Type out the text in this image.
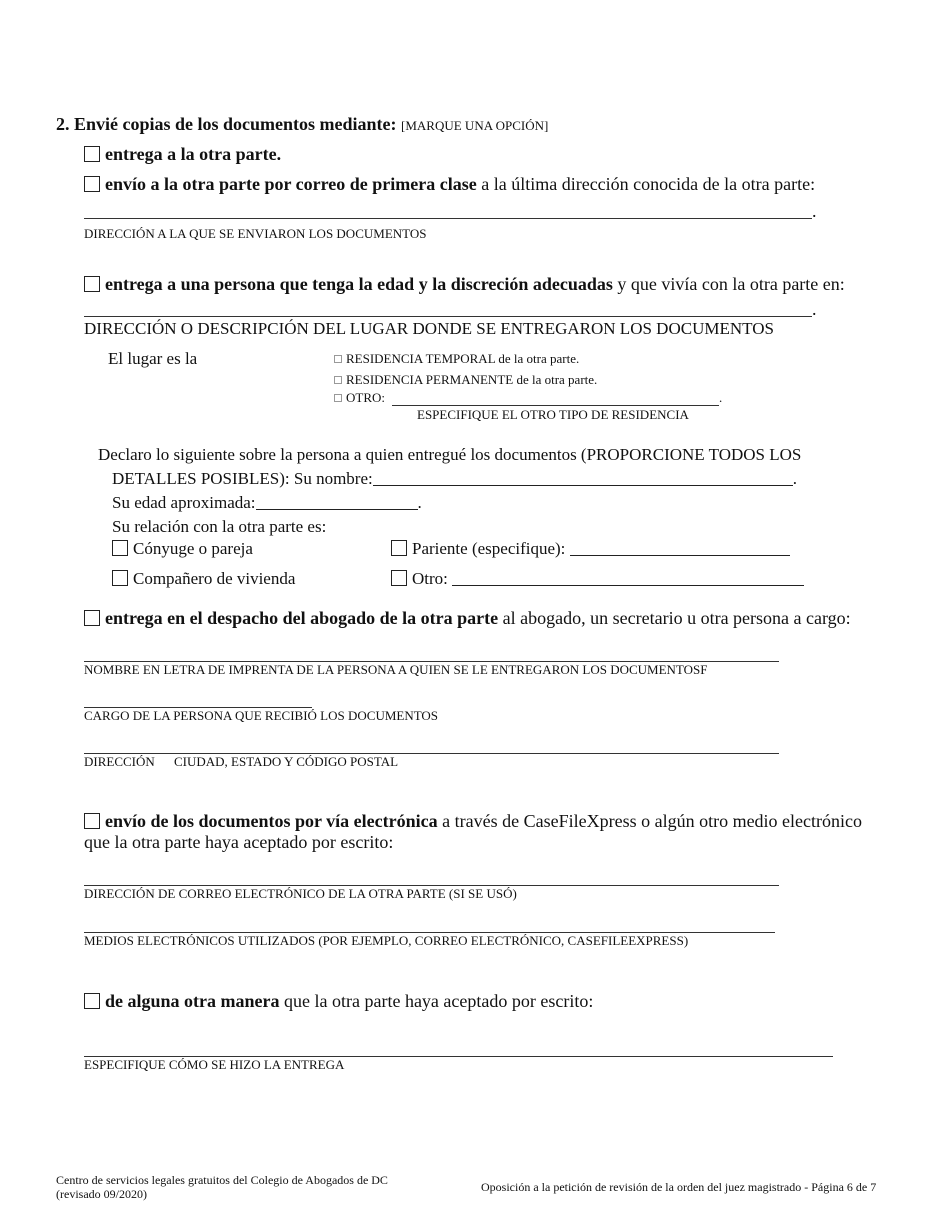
2. Envié copias de los documentos mediante: [MARQUE UNA OPCIÓN]
entrega a la otra parte.
envío a la otra parte por correo de primera clase a la última dirección conocida de la otra parte:
.
DIRECCIÓN A LA QUE SE ENVIARON LOS DOCUMENTOS
entrega a una persona que tenga la edad y la discreción adecuadas y que vivía con la otra parte en:
.
DIRECCIÓN O DESCRIPCIÓN DEL LUGAR DONDE SE ENTREGARON LOS DOCUMENTOS
El lugar es la	RESIDENCIA TEMPORAL de la otra parte.
RESIDENCIA PERMANENTE de la otra parte.
OTRO:	.
ESPECIFIQUE EL OTRO TIPO DE RESIDENCIA
Declaro lo siguiente sobre la persona a quien entregué los documentos (PROPORCIONE TODOS LOS
DETALLES POSIBLES): Su nombre:	.
Su edad aproximada:	.
Su relación con la otra parte es:
Cónyuge o pareja	Pariente (especifique):
Compañero de vivienda	Otro:
entrega en el despacho del abogado de la otra parte al abogado, un secretario u otra persona a cargo:
NOMBRE EN LETRA DE IMPRENTA DE LA PERSONA A QUIEN SE LE ENTREGARON LOS DOCUMENTOSF
CARGO DE LA PERSONA QUE RECIBIÓ LOS DOCUMENTOS
DIRECCIÓN CIUDAD, ESTADO Y CÓDIGO POSTAL
envío de los documentos por vía electrónica a través de CaseFileXpress o algún otro medio electrónico
que la otra parte haya aceptado por escrito:
DIRECCIÓN DE CORREO ELECTRÓNICO DE LA OTRA PARTE (SI SE USÓ)
MEDIOS ELECTRÓNICOS UTILIZADOS (POR EJEMPLO, CORREO ELECTRÓNICO, CASEFILEEXPRESS)
de alguna otra manera que la otra parte haya aceptado por escrito:
ESPECIFIQUE CÓMO SE HIZO LA ENTREGA
Centro de servicios legales gratuitos del Colegio de Abogados de DC
(revisado 09/2020)	Oposición a la petición de revisión de la orden del juez magistrado - Página 6 de 7
